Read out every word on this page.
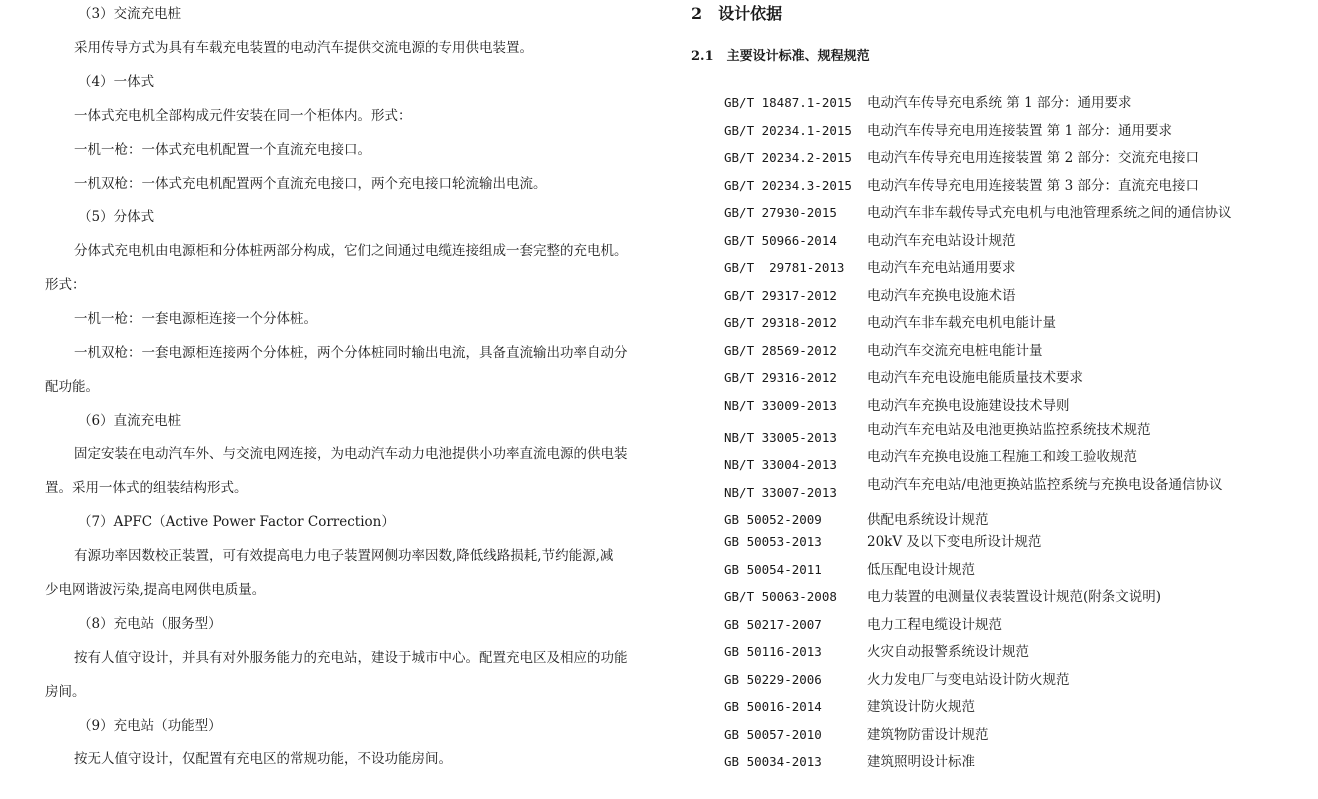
（3）交流充电桩
采用传导方式为具有车载充电装置的电动汽车提供交流电源的专用供电装置。
（4）一体式
一体式充电机全部构成元件安装在同一个柜体内。形式：
一机一枪：一体式充电机配置一个直流充电接口。
一机双枪：一体式充电机配置两个直流充电接口，两个充电接口轮流输出电流。
（5）分体式
分体式充电机由电源柜和分体桩两部分构成，它们之间通过电缆连接组成一套完整的充电机。
形式：
一机一枪：一套电源柜连接一个分体桩。
一机双枪：一套电源柜连接两个分体桩，两个分体桩同时输出电流，具备直流输出功率自动分
配功能。
（6）直流充电桩
固定安装在电动汽车外、与交流电网连接，为电动汽车动力电池提供小功率直流电源的供电装
置。采用一体式的组装结构形式。
（7）APFC（Active Power Factor Correction）
有源功率因数校正装置，可有效提高电力电子装置网侧功率因数,降低线路损耗,节约能源,减
少电网谐波污染,提高电网供电质量。
（8）充电站（服务型）
按有人值守设计，并具有对外服务能力的充电站，建设于城市中心。配置充电区及相应的功能
房间。
（9）充电站（功能型）
按无人值守设计，仅配置有充电区的常规功能，不设功能房间。
2　设计依据
2.1　主要设计标准、规程规范
GB/T 18487.1-2015 电动汽车传导充电系统 第 1 部分：通用要求
GB/T 20234.1-2015 电动汽车传导充电用连接装置 第 1 部分：通用要求
GB/T 20234.2-2015 电动汽车传导充电用连接装置 第 2 部分：交流充电接口
GB/T 20234.3-2015 电动汽车传导充电用连接装置 第 3 部分：直流充电接口
GB/T 27930-2015 电动汽车非车载传导式充电机与电池管理系统之间的通信协议
GB/T 50966-2014 电动汽车充电站设计规范
GB/T  29781-2013 电动汽车充电站通用要求
GB/T 29317-2012 电动汽车充换电设施术语
GB/T 29318-2012 电动汽车非车载充电机电能计量
GB/T 28569-2012 电动汽车交流充电桩电能计量
GB/T 29316-2012 电动汽车充电设施电能质量技术要求
NB/T 33009-2013 电动汽车充换电设施建设技术导则
NB/T 33005-2013 电动汽车充电站及电池更换站监控系统技术规范
NB/T 33004-2013 电动汽车充换电设施工程施工和竣工验收规范
NB/T 33007-2013 电动汽车充电站/电池更换站监控系统与充换电设备通信协议
GB 50052-2009	供配电系统设计规范
GB 50053-2013	20kV 及以下变电所设计规范
GB 50054-2011	低压配电设计规范
GB/T 50063-2008 电力装置的电测量仪表装置设计规范(附条文说明)
GB 50217-2007	电力工程电缆设计规范
GB 50116-2013	火灾自动报警系统设计规范
GB 50229-2006	火力发电厂与变电站设计防火规范
GB 50016-2014	建筑设计防火规范
GB 50057-2010	建筑物防雷设计规范
GB 50034-2013	建筑照明设计标准
